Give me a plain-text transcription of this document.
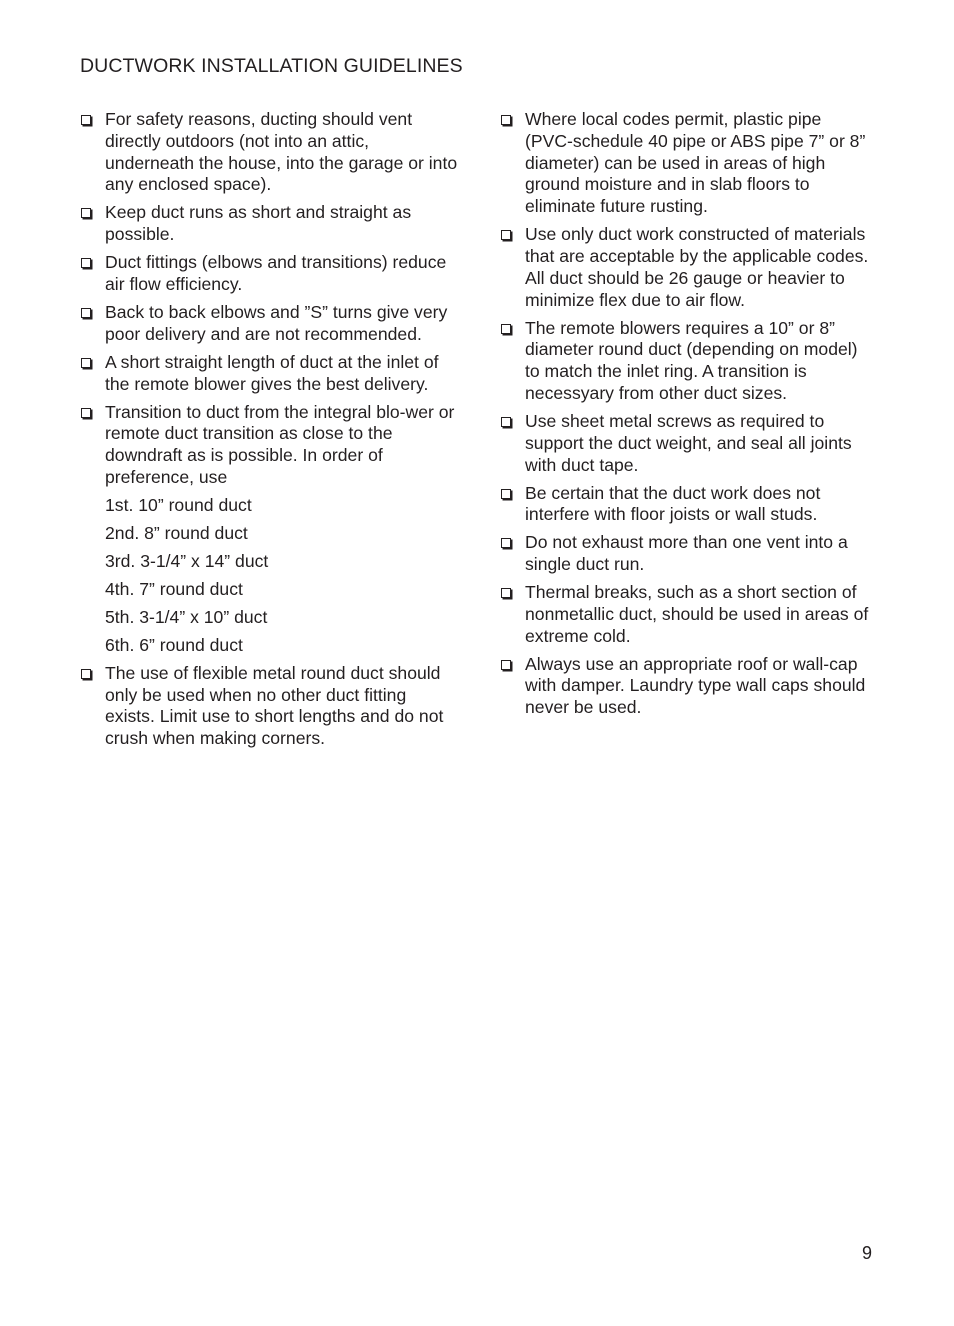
DUCTWORK INSTALLATION GUIDELINES
For safety reasons, ducting should vent directly outdoors (not into an attic, underneath the house, into the garage or into any enclosed space).
Keep duct runs as short and straight as possible.
Duct fittings (elbows and transitions) reduce air flow efficiency.
Back to back elbows and ”S” turns give very poor delivery and are not recommended.
A short straight length of duct at the inlet of the remote blower gives the best delivery.
Transition to duct from the integral blo-wer or remote duct transition as close to the downdraft as is possible. In order of preference, use
1st. 10” round duct
2nd. 8” round duct
3rd. 3-1/4” x 14” duct
4th. 7” round duct
5th. 3-1/4” x 10” duct
6th. 6” round duct
The use of flexible metal round duct should only be used when no other duct fitting exists. Limit use to short lengths and do not crush when making corners.
Where local codes permit, plastic pipe (PVC-schedule 40 pipe or ABS pipe 7” or 8” diameter) can be used in areas of high ground moisture and in slab floors to eliminate future rusting.
Use only duct work constructed of materials that are acceptable by the applicable codes. All duct should be 26 gauge or heavier to minimize flex due to air flow.
The remote blowers requires a 10” or 8” diameter round duct (depending on model) to match the inlet ring. A transition is necessyary from other duct sizes.
Use sheet metal screws as required to support the duct weight, and seal all joints with duct tape.
Be certain that the duct work does not interfere with floor joists or wall studs.
Do not exhaust more than one vent into a single duct run.
Thermal breaks, such as a short section of nonmetallic duct, should be used in areas of extreme cold.
Always use an appropriate roof or wall-cap with damper. Laundry type wall caps should never be used.
9
